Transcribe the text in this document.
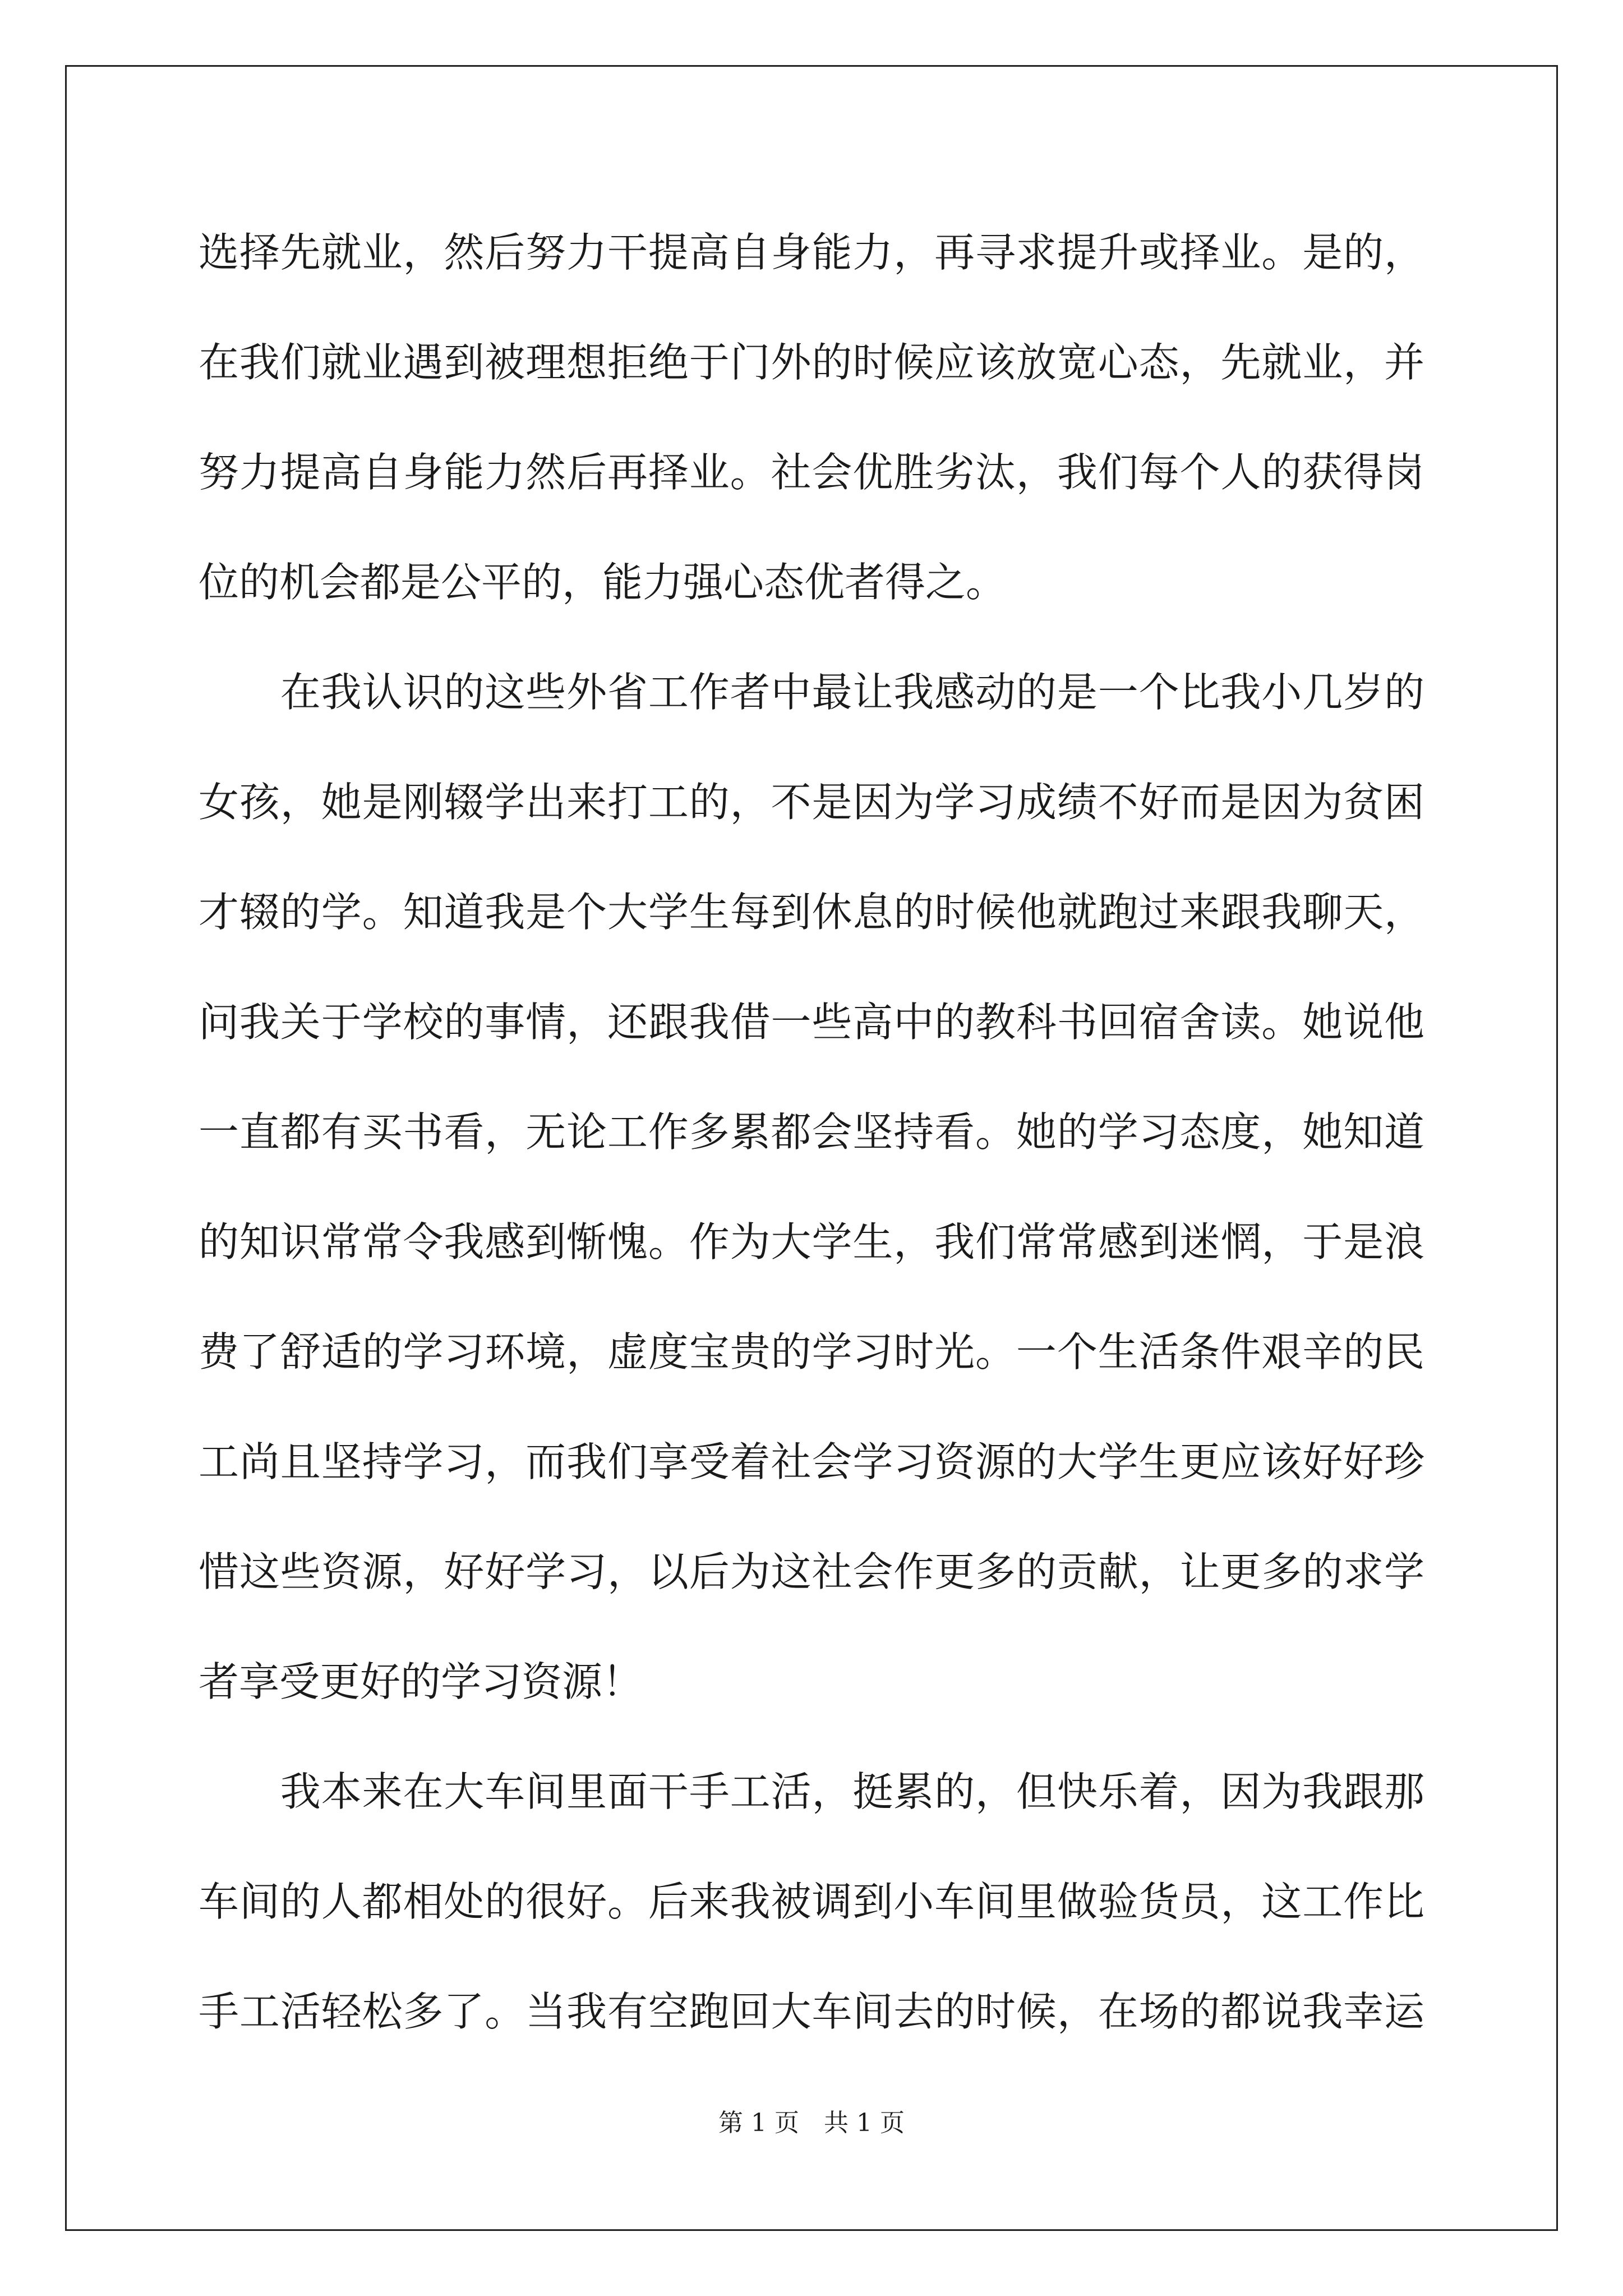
选择先就业，然后努力干提高自身能力，再寻求提升或择业。是的，
在我们就业遇到被理想拒绝于门外的时候应该放宽心态，先就业，并
努力提高自身能力然后再择业。社会优胜劣汰，我们每个人的获得岗
位的机会都是公平的，能力强心态优者得之。
　　在我认识的这些外省工作者中最让我感动的是一个比我小几岁的
女孩，她是刚辍学出来打工的，不是因为学习成绩不好而是因为贫困
才辍的学。知道我是个大学生每到休息的时候他就跑过来跟我聊天，
问我关于学校的事情，还跟我借一些高中的教科书回宿舍读。她说他
一直都有买书看，无论工作多累都会坚持看。她的学习态度，她知道
的知识常常令我感到惭愧。作为大学生，我们常常感到迷惘，于是浪
费了舒适的学习环境，虚度宝贵的学习时光。一个生活条件艰辛的民
工尚且坚持学习，而我们享受着社会学习资源的大学生更应该好好珍
惜这些资源，好好学习，以后为这社会作更多的贡献，让更多的求学
者享受更好的学习资源！
　　我本来在大车间里面干手工活，挺累的，但快乐着，因为我跟那
车间的人都相处的很好。后来我被调到小车间里做验货员，这工作比
手工活轻松多了。当我有空跑回大车间去的时候，在场的都说我幸运
第 1 页　共 1 页
